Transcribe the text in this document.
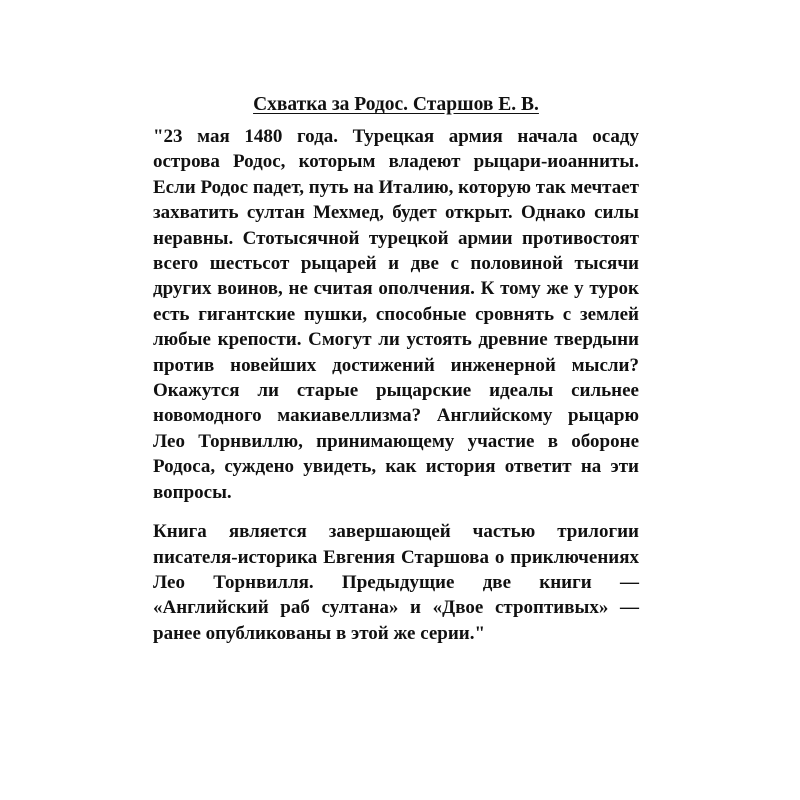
Схватка за Родос. Старшов Е. В.

"23 мая 1480 года. Турецкая армия начала осаду острова Родос, которым владеют рыцари-иоанниты. Если Родос падет, путь на Италию, которую так мечтает захватить султан Мехмед, будет открыт. Однако силы неравны. Стотысячной турецкой армии противостоят всего шестьсот рыцарей и две с половиной тысячи других воинов, не считая ополчения. К тому же у турок есть гигантские пушки, способные сровнять с землей любые крепости. Смогут ли устоять древние твердыни против новейших достижений инженерной мысли? Окажутся ли старые рыцарские идеалы сильнее новомодного макиавеллизма? Английскому рыцарю Лео Торнвиллю, принимающему участие в обороне Родоса, суждено увидеть, как история ответит на эти вопросы.

Книга является завершающей частью трилогии писателя-историка Евгения Старшова о приключениях Лео Торнвилля. Предыдущие две книги — «Английский раб султана» и «Двое строптивых» — ранее опубликованы в этой же серии."
